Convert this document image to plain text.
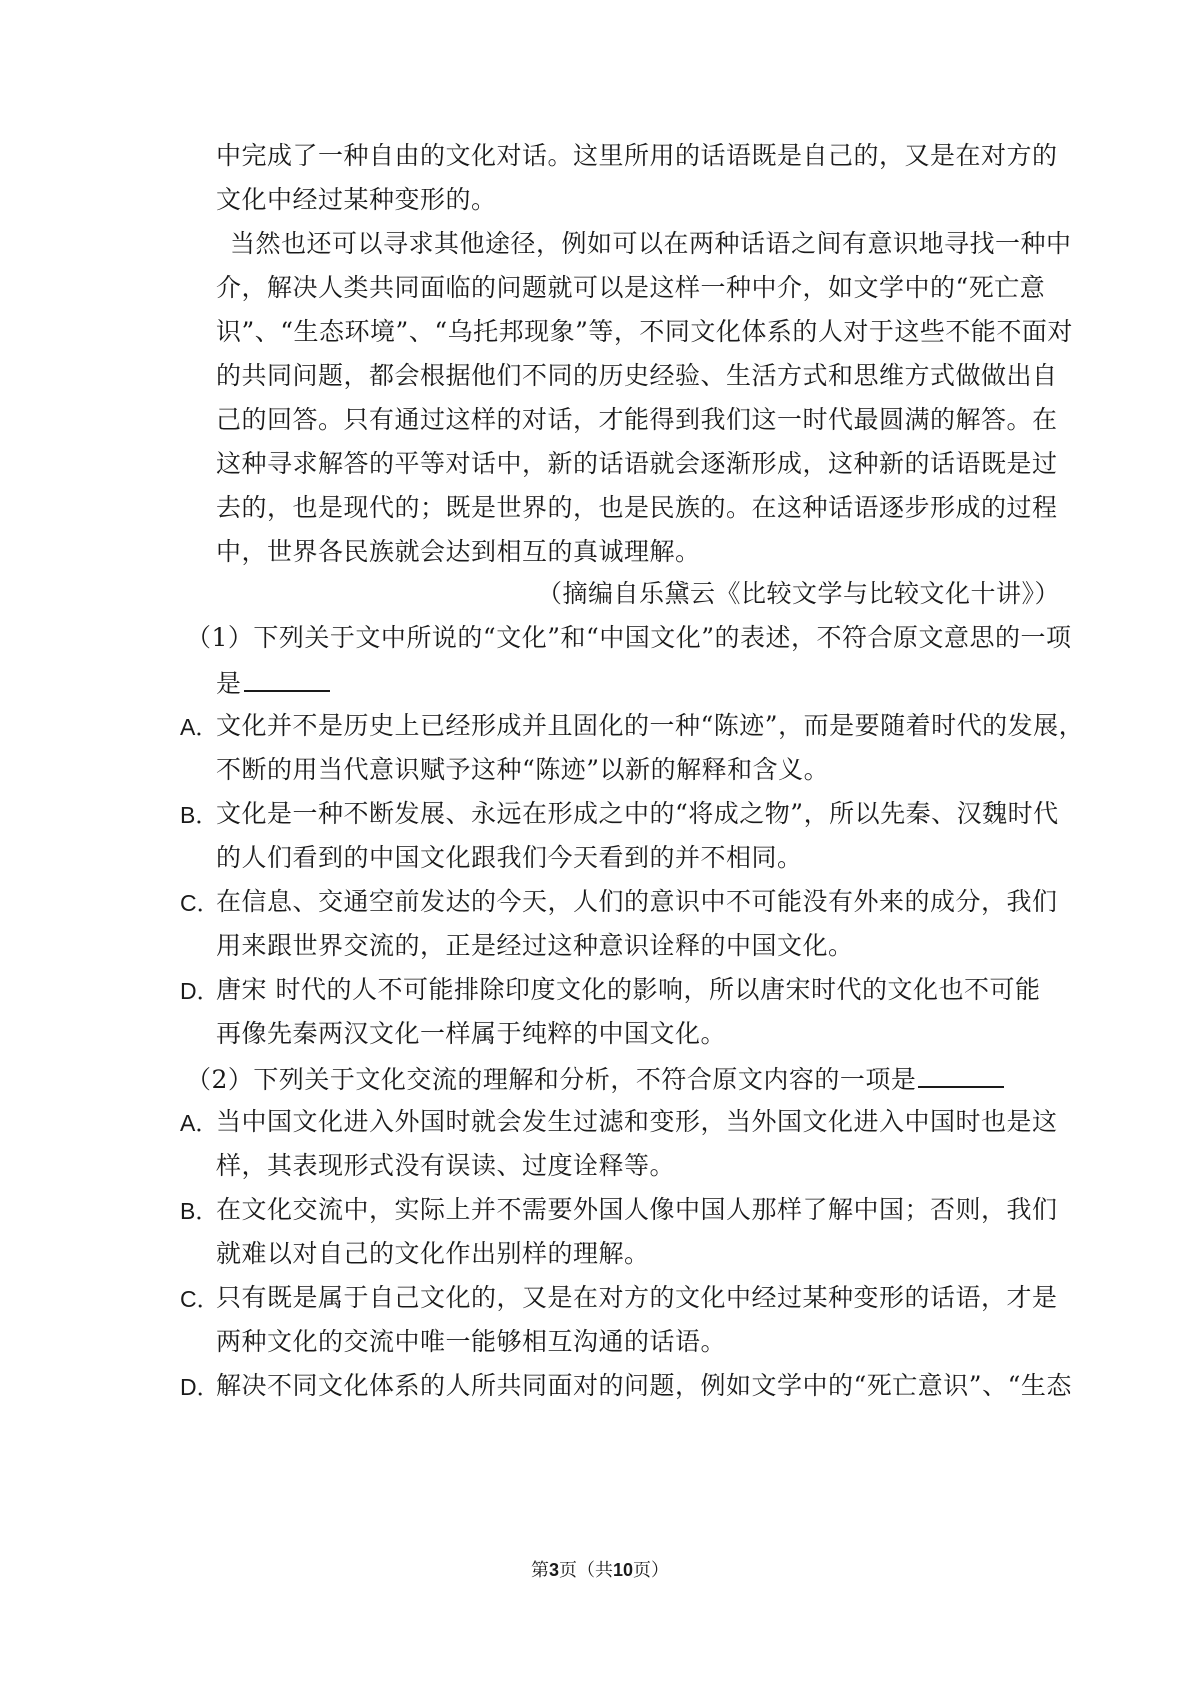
中完成了一种自由的文化对话。这里所用的话语既是自己的，又是在对方的
文化中经过某种变形的。
当然也还可以寻求其他途径，例如可以在两种话语之间有意识地寻找一种中
介，解决人类共同面临的问题就可以是这样一种中介，如文学中的“死亡意
识”、“生态环境”、“乌托邦现象”等，不同文化体系的人对于这些不能不面对
的共同问题，都会根据他们不同的历史经验、生活方式和思维方式做做出自
己的回答。只有通过这样的对话，才能得到我们这一时代最圆满的解答。在
这种寻求解答的平等对话中，新的话语就会逐渐形成，这种新的话语既是过
去的，也是现代的；既是世界的，也是民族的。在这种话语逐步形成的过程
中，世界各民族就会达到相互的真诚理解。
（摘编自乐黛云《比较文学与比较文化十讲》）
（1）下列关于文中所说的“文化”和“中国文化”的表述，不符合原文意思的一项
是
A．
文化并不是历史上已经形成并且固化的一种“陈迹”，而是要随着时代的发展，
不断的用当代意识赋予这种“陈迹”以新的解释和含义。
B．
文化是一种不断发展、永远在形成之中的“将成之物”，所以先秦、汉魏时代
的人们看到的中国文化跟我们今天看到的并不相同。
C．
在信息、交通空前发达的今天，人们的意识中不可能没有外来的成分，我们
用来跟世界交流的，正是经过这种意识诠释的中国文化。
D．
唐宋 时代的人不可能排除印度文化的影响，所以唐宋时代的文化也不可能
再像先秦两汉文化一样属于纯粹的中国文化。
（2）下列关于文化交流的理解和分析，不符合原文内容的一项是
A．
当中国文化进入外国时就会发生过滤和变形，当外国文化进入中国时也是这
样，其表现形式没有误读、过度诠释等。
B．
在文化交流中，实际上并不需要外国人像中国人那样了解中国；否则，我们
就难以对自己的文化作出别样的理解。
C．
只有既是属于自己文化的，又是在对方的文化中经过某种变形的话语，才是
两种文化的交流中唯一能够相互沟通的话语。
D．
解决不同文化体系的人所共同面对的问题，例如文学中的“死亡意识”、“生态
第3页（共10页）
